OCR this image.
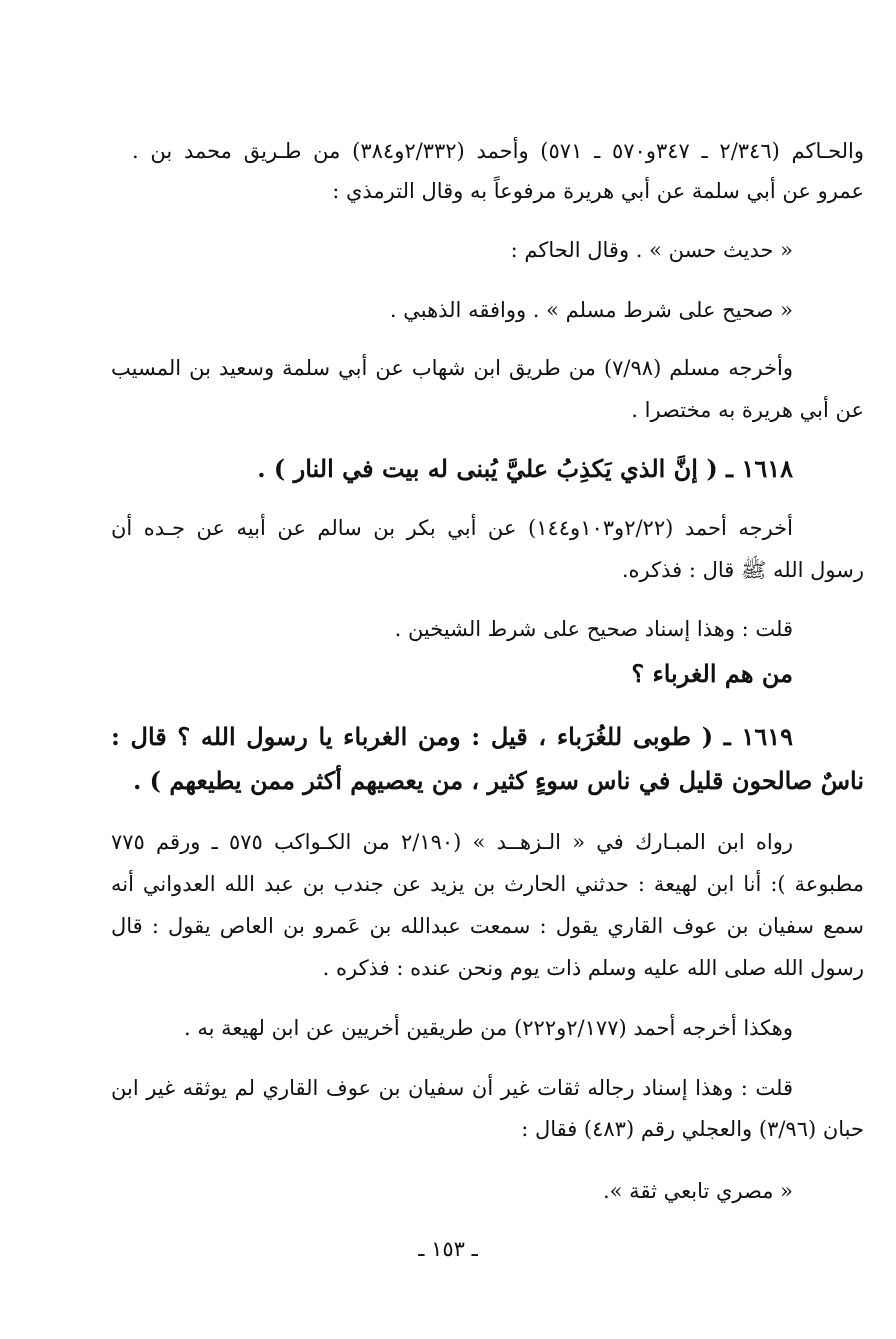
والحـاكم (٢/٣٤٦ ـ ٣٤٧و٥٧٠ ـ ٥٧١) وأحمد (٢/٣٣٢و٣٨٤) من طـريق محمد بن .
عمرو عن أبي سلمة عن أبي هريرة مرفوعاً به وقال الترمذي :
« حديث حسن » . وقال الحاكم :
« صحيح على شرط مسلم » . ووافقه الذهبي .
وأخرجه مسلم (٧/٩٨) من طريق ابن شهاب عن أبي سلمة وسعيد بن المسيب
عن أبي هريرة به مختصرا .
١٦١٨ ـ ( إنَّ الذي يَكذِبُ عليَّ يُبنى له بيت في النار ) .
أخرجه أحمد (٢/٢٢و١٠٣و١٤٤) عن أبي بكر بن سالم عن أبيه عن جـده أن
رسول الله ﷺ قال : فذكره.
قلت : وهذا إسناد صحيح على شرط الشيخين .
من هم الغرباء ؟
١٦١٩ ـ ( طوبى للغُرَباء ، قيل : ومن الغرباء يا رسول الله ؟ قال :
ناسٌ صالحون قليل في ناس سوءٍ كثير ، من يعصيهم أكثر ممن يطيعهم ) .
رواه ابن المبـارك في « الـزهــد » (٢/١٩٠ من الكـواكب ٥٧٥ ـ ورقم ٧٧٥
مطبوعة ): أنا ابن لهيعة : حدثني الحارث بن يزيد عن جندب بن عبد الله العدواني أنه
سمع سفيان بن عوف القاري يقول : سمعت عبدالله بن عَمرو بن العاص يقول : قال
رسول الله صلى الله عليه وسلم ذات يوم ونحن عنده : فذكره .
وهكذا أخرجه أحمد (٢/١٧٧و٢٢٢) من طريقين أخريين عن ابن لهيعة به .
قلت : وهذا إسناد رجاله ثقات غير أن سفيان بن عوف القاري لم يوثقه غير ابن
حبان (٣/٩٦) والعجلي رقم (٤٨٣) فقال :
« مصري تابعي ثقة ».
ـ ١٥٣ ـ
